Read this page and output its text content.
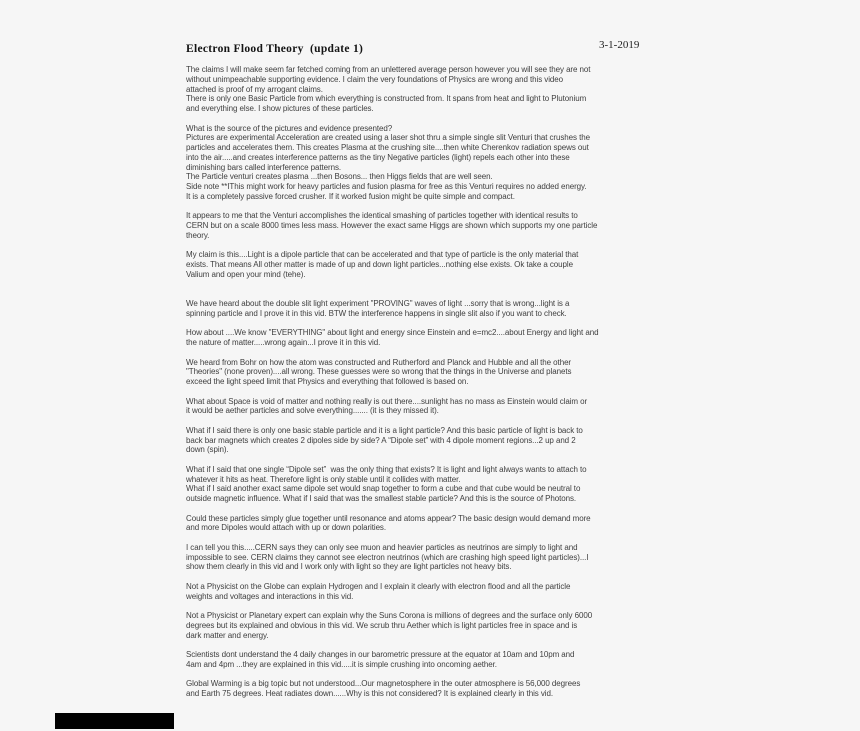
Electron Flood Theory  (update 1)	3-1-2019
The claims I will make seem far fetched coming from an unlettered average person however you will see they are not
without unimpeachable supporting evidence. I claim the very foundations of Physics are wrong and this video
attached is proof of my arrogant claims.
There is only one Basic Particle from which everything is constructed from. It spans from heat and light to Plutonium
and everything else. I show pictures of these particles.
What is the source of the pictures and evidence presented?
Pictures are experimental Acceleration are created using a laser shot thru a simple single slit Venturi that crushes the
particles and accelerates them. This creates Plasma at the crushing site....then white Cherenkov radiation spews out
into the air.....and creates interference patterns as the tiny Negative particles (light) repels each other into these
diminishing bars called interference patterns.
The Particle venturi creates plasma ...then Bosons... then Higgs fields that are well seen.
Side note **IThis might work for heavy particles and fusion plasma for free as this Venturi requires no added energy.
It is a completely passive forced crusher. If it worked fusion might be quite simple and compact.
It appears to me that the Venturi accomplishes the identical smashing of particles together with identical results to
CERN but on a scale 8000 times less mass. However the exact same Higgs are shown which supports my one particle
theory.
My claim is this....Light is a dipole particle that can be accelerated and that type of particle is the only material that
exists. That means All other matter is made of up and down light particles...nothing else exists. Ok take a couple
Valium and open your mind (tehe).
We have heard about the double slit light experiment "PROVING" waves of light ...sorry that is wrong...light is a
spinning particle and I prove it in this vid. BTW the interference happens in single slit also if you want to check.
How about ....We know "EVERYTHING" about light and energy since Einstein and e=mc2....about Energy and light and
the nature of matter.....wrong again...I prove it in this vid.
We heard from Bohr on how the atom was constructed and Rutherford and Planck and Hubble and all the other
"Theories" (none proven)....all wrong. These guesses were so wrong that the things in the Universe and planets
exceed the light speed limit that Physics and everything that followed is based on.
What about Space is void of matter and nothing really is out there....sunlight has no mass as Einstein would claim or
it would be aether particles and solve everything....... (it is they missed it).
What if I said there is only one basic stable particle and it is a light particle? And this basic particle of light is back to
back bar magnets which creates 2 dipoles side by side? A “Dipole set” with 4 dipole moment regions...2 up and 2
down (spin).
What if I said that one single “Dipole set”  was the only thing that exists? It is light and light always wants to attach to
whatever it hits as heat. Therefore light is only stable until it collides with matter.
What if I said another exact same dipole set would snap together to form a cube and that cube would be neutral to
outside magnetic influence. What if I said that was the smallest stable particle? And this is the source of Photons.
Could these particles simply glue together until resonance and atoms appear? The basic design would demand more
and more Dipoles would attach with up or down polarities.
I can tell you this.....CERN says they can only see muon and heavier particles as neutrinos are simply to light and
impossible to see. CERN claims they cannot see electron neutrinos (which are crashing high speed light particles)...I
show them clearly in this vid and I work only with light so they are light particles not heavy bits.
Not a Physicist on the Globe can explain Hydrogen and I explain it clearly with electron flood and all the particle
weights and voltages and interactions in this vid.
Not a Physicist or Planetary expert can explain why the Suns Corona is millions of degrees and the surface only 6000
degrees but its explained and obvious in this vid. We scrub thru Aether which is light particles free in space and is
dark matter and energy.
Scientists dont understand the 4 daily changes in our barometric pressure at the equator at 10am and 10pm and
4am and 4pm ...they are explained in this vid.....it is simple crushing into oncoming aether.
Global Warming is a big topic but not understood...Our magnetosphere in the outer atmosphere is 56,000 degrees
and Earth 75 degrees. Heat radiates down......Why is this not considered? It is explained clearly in this vid.
